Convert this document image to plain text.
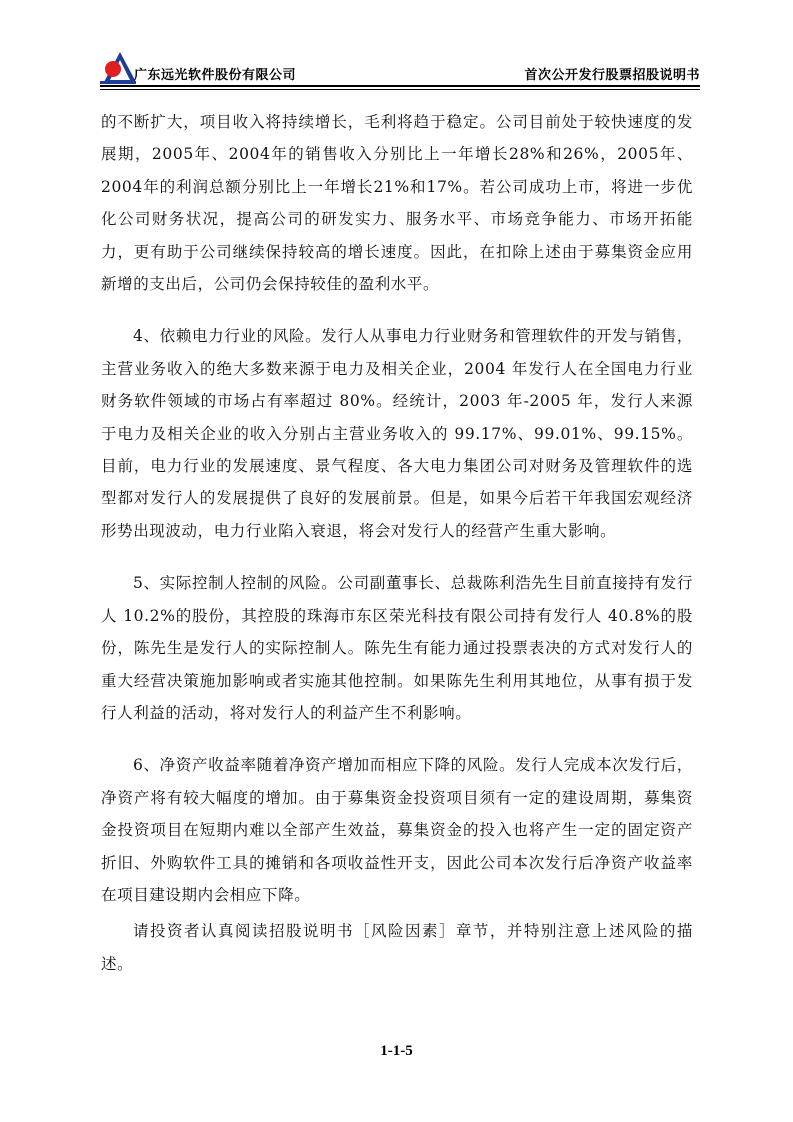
广东远光软件股份有限公司	首次公开发行股票招股说明书

的不断扩大，项目收入将持续增长，毛利将趋于稳定。公司目前处于较快速度的发展期，2005年、2004年的销售收入分别比上一年增长28%和26%，2005年、2004年的利润总额分别比上一年增长21%和17%。若公司成功上市，将进一步优化公司财务状况，提高公司的研发实力、服务水平、市场竞争能力、市场开拓能力，更有助于公司继续保持较高的增长速度。因此，在扣除上述由于募集资金应用新增的支出后，公司仍会保持较佳的盈利水平。

4、依赖电力行业的风险。发行人从事电力行业财务和管理软件的开发与销售，主营业务收入的绝大多数来源于电力及相关企业，2004 年发行人在全国电力行业财务软件领域的市场占有率超过 80%。经统计，2003 年-2005 年，发行人来源于电力及相关企业的收入分别占主营业务收入的 99.17%、99.01%、99.15%。目前，电力行业的发展速度、景气程度、各大电力集团公司对财务及管理软件的选型都对发行人的发展提供了良好的发展前景。但是，如果今后若干年我国宏观经济形势出现波动，电力行业陷入衰退，将会对发行人的经营产生重大影响。

5、实际控制人控制的风险。公司副董事长、总裁陈利浩先生目前直接持有发行人 10.2%的股份，其控股的珠海市东区荣光科技有限公司持有发行人 40.8%的股份，陈先生是发行人的实际控制人。陈先生有能力通过投票表决的方式对发行人的重大经营决策施加影响或者实施其他控制。如果陈先生利用其地位，从事有损于发行人利益的活动，将对发行人的利益产生不利影响。

6、净资产收益率随着净资产增加而相应下降的风险。发行人完成本次发行后，净资产将有较大幅度的增加。由于募集资金投资项目须有一定的建设周期，募集资金投资项目在短期内难以全部产生效益，募集资金的投入也将产生一定的固定资产折旧、外购软件工具的摊销和各项收益性开支，因此公司本次发行后净资产收益率在项目建设期内会相应下降。

请投资者认真阅读招股说明书［风险因素］章节，并特别注意上述风险的描述。

1-1-5
